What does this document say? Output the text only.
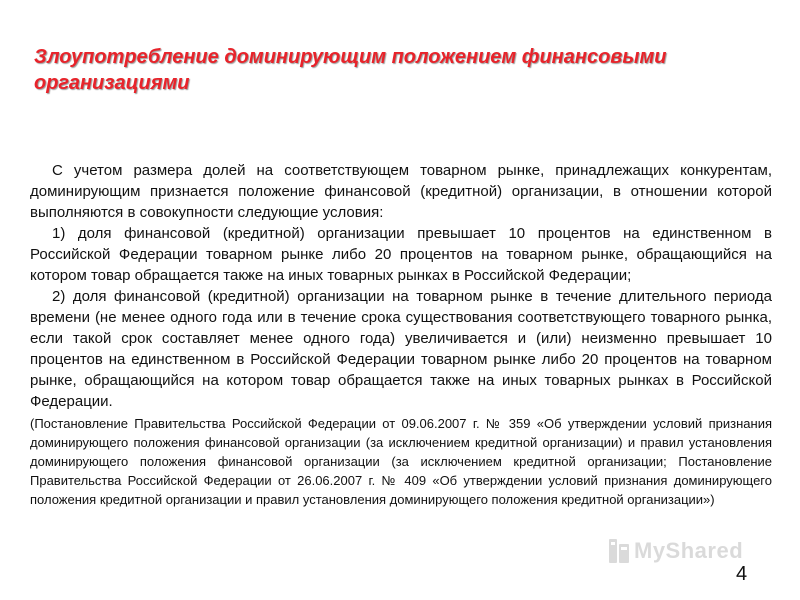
Злоупотребление доминирующим положением финансовыми
организациями

С учетом размера долей на соответствующем товарном рынке, принадлежащих конкурентам, доминирующим признается положение финансовой (кредитной) организации, в отношении которой выполняются в совокупности следующие условия:

1) доля финансовой (кредитной) организации превышает 10 процентов на единственном в Российской Федерации товарном рынке либо 20 процентов на товарном рынке, обращающийся на котором товар обращается также на иных товарных рынках в Российской Федерации;

2) доля финансовой (кредитной) организации на товарном рынке в течение длительного периода времени (не менее одного года или в течение срока существования соответствующего товарного рынка, если такой срок составляет менее одного года) увеличивается и (или) неизменно превышает 10 процентов на единственном в Российской Федерации товарном рынке либо 20 процентов на товарном рынке, обращающийся на котором товар обращается также на иных товарных рынках в Российской Федерации.

(Постановление Правительства Российской Федерации от 09.06.2007 г. № 359 «Об утверждении условий признания доминирующего положения финансовой организации (за исключением кредитной организации) и правил установления доминирующего положения финансовой организации (за исключением кредитной организации; Постановление Правительства Российской Федерации от 26.06.2007 г. № 409 «Об утверждении условий признания доминирующего положения кредитной организации и правил установления доминирующего положения кредитной организации»)

MyShared
4
